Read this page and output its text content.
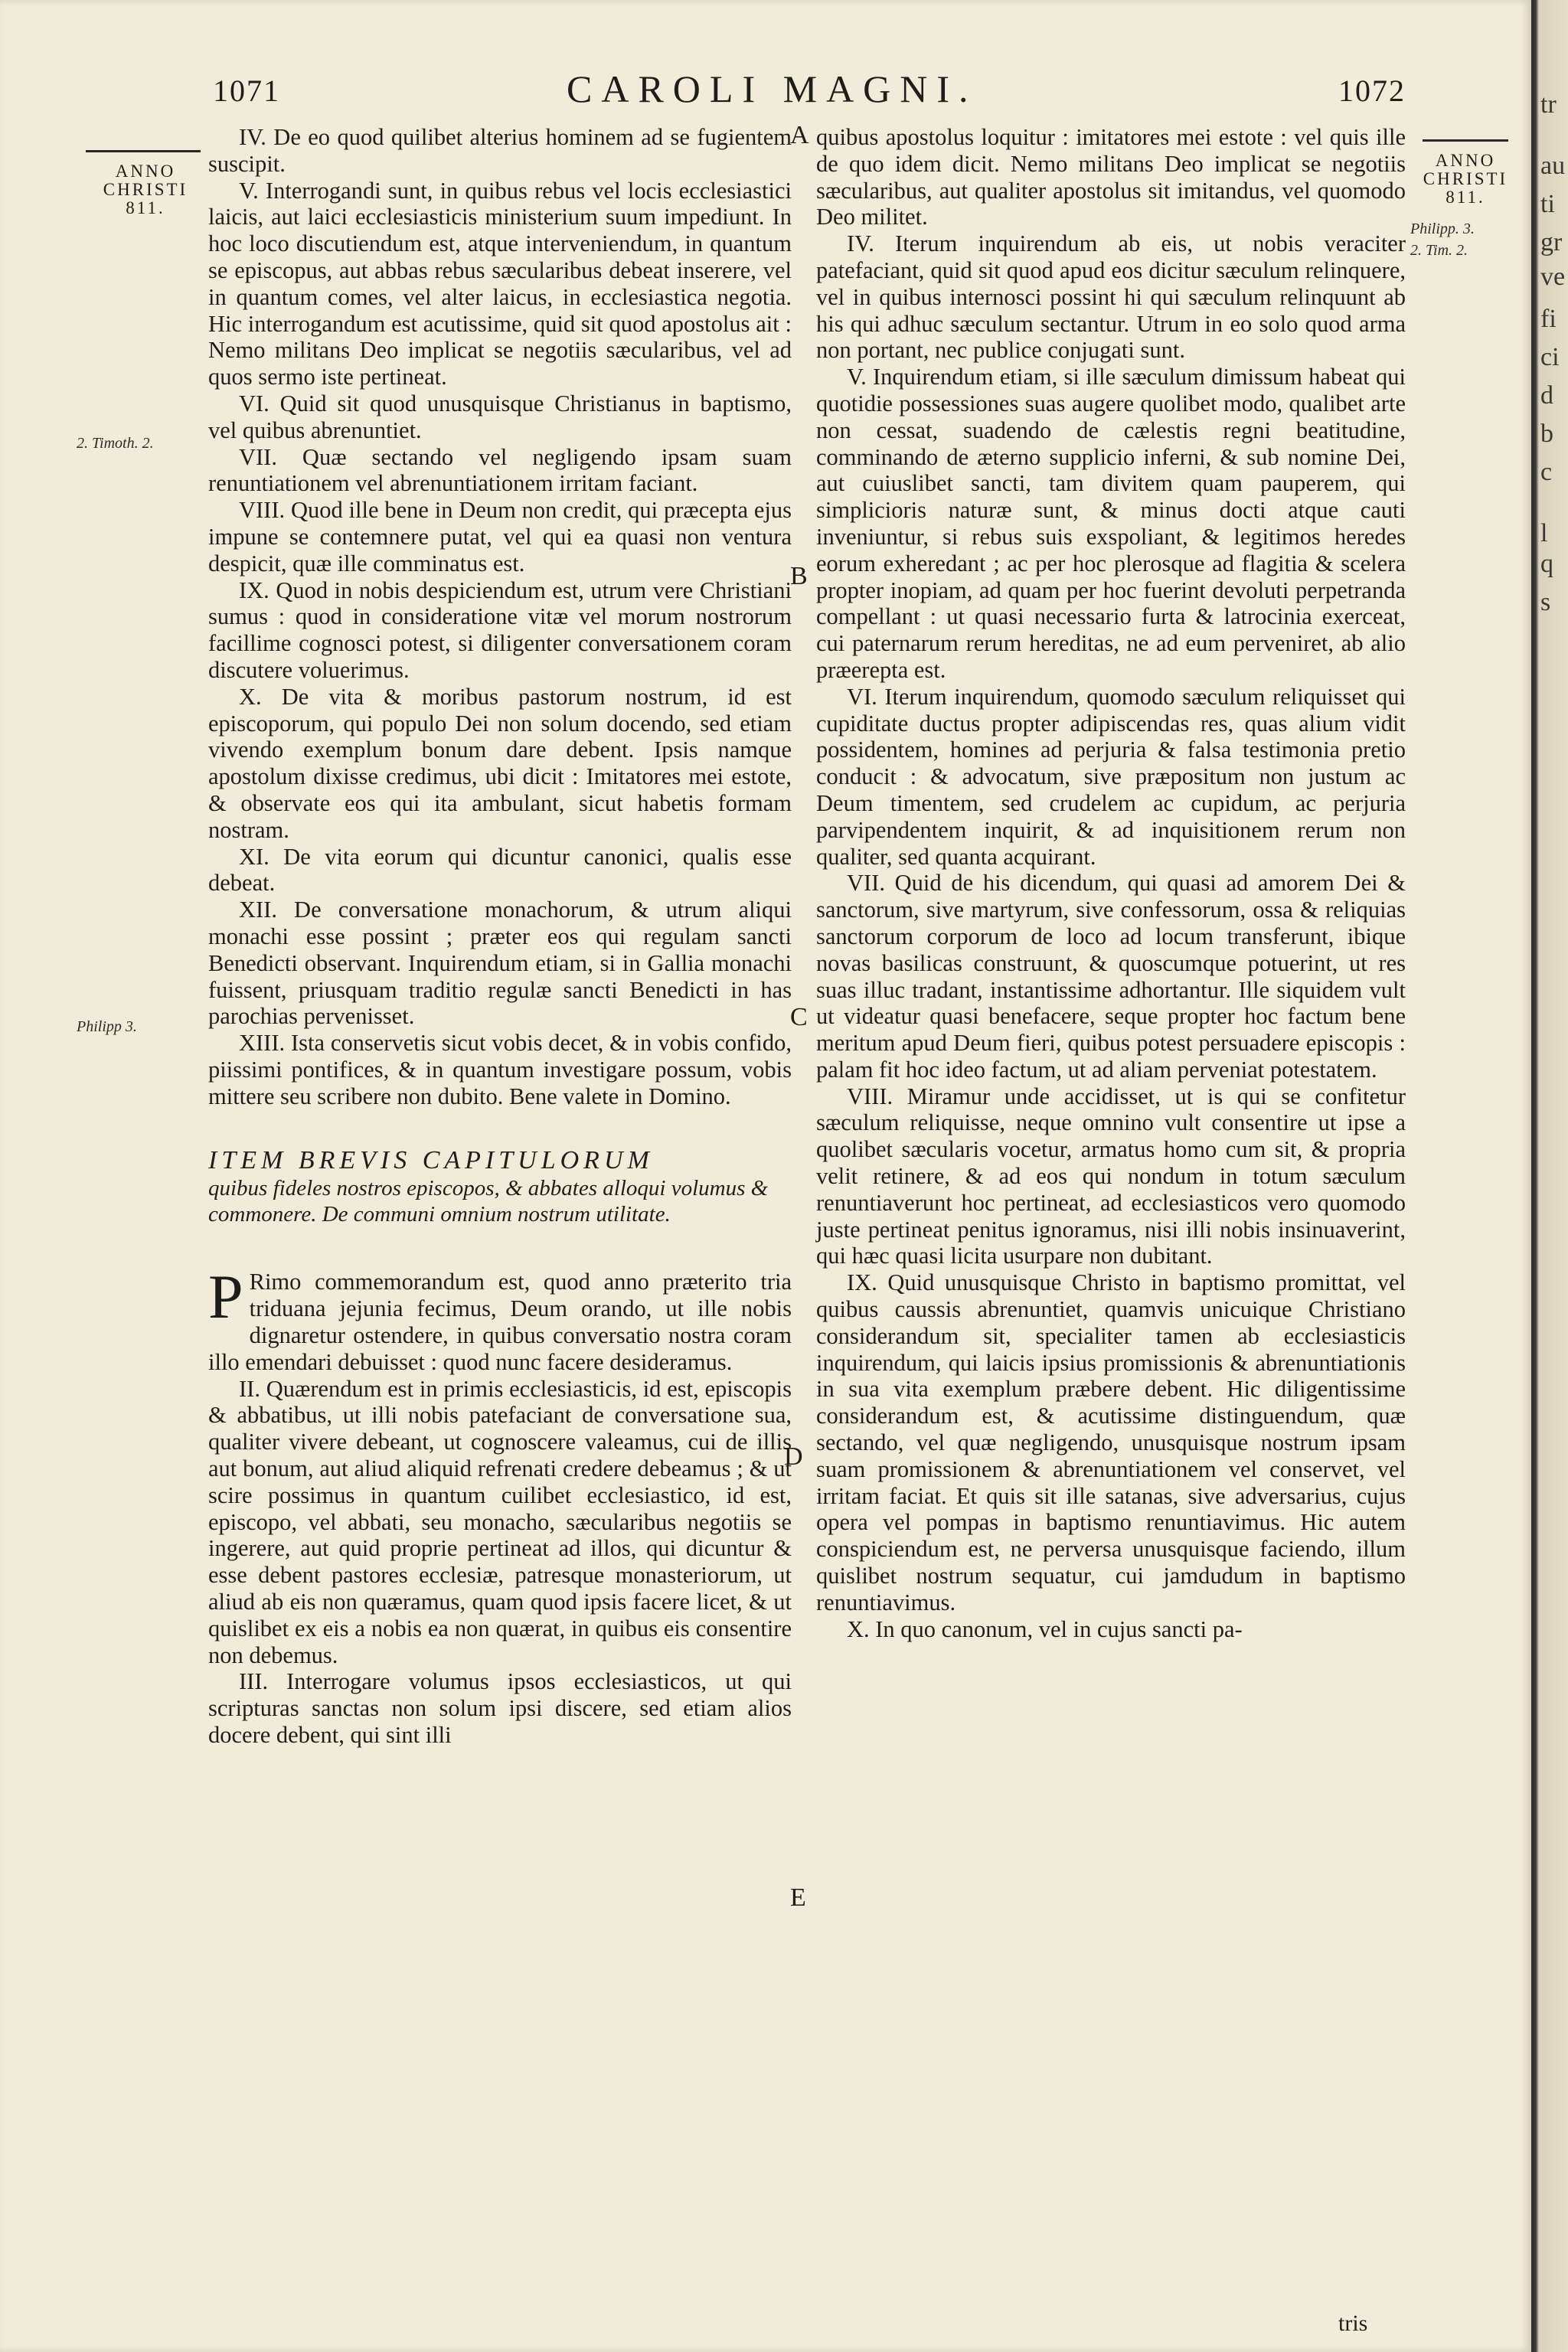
1071	CAROLI MAGNI.	1072
ANNO
CHRISTI
811.
ANNO
CHRISTI
811.
2. Timoth. 2.
Philipp 3.
Philipp. 3.
2. Tim. 2.
A
B
C
D
E

IV. De eo quod quilibet alterius hominem ad se fugientem suscipit.

V. Interrogandi sunt, in quibus rebus vel locis ecclesiastici laicis, aut laici ecclesiasticis ministerium suum impediunt. In hoc loco discutiendum est, atque interveniendum, in quantum se episcopus, aut abbas rebus sæcularibus debeat inserere, vel in quantum comes, vel alter laicus, in ecclesiastica negotia. Hic interrogandum est acutissime, quid sit quod apostolus ait : Nemo militans Deo implicat se negotiis sæcularibus, vel ad quos sermo iste pertineat.

VI. Quid sit quod unusquisque Christianus in baptismo, vel quibus abrenuntiet.

VII. Quæ sectando vel negligendo ipsam suam renuntiationem vel abrenuntiationem irritam faciant.

VIII. Quod ille bene in Deum non credit, qui præcepta ejus impune se contemnere putat, vel qui ea quasi non ventura despicit, quæ ille comminatus est.

IX. Quod in nobis despiciendum est, utrum vere Christiani sumus : quod in consideratione vitæ vel morum nostrorum facillime cognosci potest, si diligenter conversationem coram discutere voluerimus.

X. De vita & moribus pastorum nostrum, id est episcoporum, qui populo Dei non solum docendo, sed etiam vivendo exemplum bonum dare debent. Ipsis namque apostolum dixisse credimus, ubi dicit : Imitatores mei estote, & observate eos qui ita ambulant, sicut habetis formam nostram.

XI. De vita eorum qui dicuntur canonici, qualis esse debeat.

XII. De conversatione monachorum, & utrum aliqui monachi esse possint ; præter eos qui regulam sancti Benedicti observant. Inquirendum etiam, si in Gallia monachi fuissent, priusquam traditio regulæ sancti Benedicti in has parochias pervenisset.

XIII. Ista conservetis sicut vobis decet, & in vobis confido, piissimi pontifices, & in quantum investigare possum, vobis mittere seu scribere non dubito. Bene valete in Domino.

ITEM BREVIS CAPITULORUM

quibus fideles nostros episcopos, & abbates alloqui volumus & commonere. De communi omnium nostrum utilitate.

P Rimo commemorandum est, quod anno præterito tria triduana jejunia fecimus, Deum orando, ut ille nobis dignaretur ostendere, in quibus conversatio nostra coram illo emendari debuisset : quod nunc facere desideramus.

II. Quærendum est in primis ecclesiasticis, id est, episcopis & abbatibus, ut illi nobis patefaciant de conversatione sua, qualiter vivere debeant, ut cognoscere valeamus, cui de illis aut bonum, aut aliud aliquid refrenati credere debeamus ; & ut scire possimus in quantum cuilibet ecclesiastico, id est, episcopo, vel abbati, seu monacho, sæcularibus negotiis se ingerere, aut quid proprie pertineat ad illos, qui dicuntur & esse debent pastores ecclesiæ, patresque monasteriorum, ut aliud ab eis non quæramus, quam quod ipsis facere licet, & ut quislibet ex eis a nobis ea non quærat, in quibus eis consentire non debemus.

III. Interrogare volumus ipsos ecclesiasticos, ut qui scripturas sanctas non solum ipsi discere, sed etiam alios docere debent, qui sint illi

quibus apostolus loquitur : imitatores mei estote : vel quis ille de quo idem dicit. Nemo militans Deo implicat se negotiis sæcularibus, aut qualiter apostolus sit imitandus, vel quomodo Deo militet.

IV. Iterum inquirendum ab eis, ut nobis veraciter patefaciant, quid sit quod apud eos dicitur sæculum relinquere, vel in quibus internosci possint hi qui sæculum relinquunt ab his qui adhuc sæculum sectantur. Utrum in eo solo quod arma non portant, nec publice conjugati sunt.

V. Inquirendum etiam, si ille sæculum dimissum habeat qui quotidie possessiones suas augere quolibet modo, qualibet arte non cessat, suadendo de cælestis regni beatitudine, comminando de æterno supplicio inferni, & sub nomine Dei, aut cuiuslibet sancti, tam divitem quam pauperem, qui simplicioris naturæ sunt, & minus docti atque cauti inveniuntur, si rebus suis exspoliant, & legitimos heredes eorum exheredant ; ac per hoc plerosque ad flagitia & scelera propter inopiam, ad quam per hoc fuerint devoluti perpetranda compellant : ut quasi necessario furta & latrocinia exerceat, cui paternarum rerum hereditas, ne ad eum perveniret, ab alio præerepta est.

VI. Iterum inquirendum, quomodo sæculum reliquisset qui cupiditate ductus propter adipiscendas res, quas alium vidit possidentem, homines ad perjuria & falsa testimonia pretio conducit : & advocatum, sive præpositum non justum ac Deum timentem, sed crudelem ac cupidum, ac perjuria parvipendentem inquirit, & ad inquisitionem rerum non qualiter, sed quanta acquirant.

VII. Quid de his dicendum, qui quasi ad amorem Dei & sanctorum, sive martyrum, sive confessorum, ossa & reliquias sanctorum corporum de loco ad locum transferunt, ibique novas basilicas construunt, & quoscumque potuerint, ut res suas illuc tradant, instantissime adhortantur. Ille siquidem vult ut videatur quasi benefacere, seque propter hoc factum bene meritum apud Deum fieri, quibus potest persuadere episcopis : palam fit hoc ideo factum, ut ad aliam perveniat potestatem.

VIII. Miramur unde accidisset, ut is qui se confitetur sæculum reliquisse, neque omnino vult consentire ut ipse a quolibet sæcularis vocetur, armatus homo cum sit, & propria velit retinere, & ad eos qui nondum in totum sæculum renuntiaverunt hoc pertineat, ad ecclesiasticos vero quomodo juste pertineat penitus ignoramus, nisi illi nobis insinuaverint, qui hæc quasi licita usurpare non dubitant.

IX. Quid unusquisque Christo in baptismo promittat, vel quibus caussis abrenuntiet, quamvis unicuique Christiano considerandum sit, specialiter tamen ab ecclesiasticis inquirendum, qui laicis ipsius promissionis & abrenuntiationis in sua vita exemplum præbere debent. Hic diligentissime considerandum est, & acutissime distinguendum, quæ sectando, vel quæ negligendo, unusquisque nostrum ipsam suam promissionem & abrenuntiationem vel conservet, vel irritam faciat. Et quis sit ille satanas, sive adversarius, cujus opera vel pompas in baptismo renuntiavimus. Hic autem conspiciendum est, ne perversa unusquisque faciendo, illum quislibet nostrum sequatur, cui jamdudum in baptismo renuntiavimus.

X. In quo canonum, vel in cujus sancti pa-

tris
tr
au
ti
gr
ve
fi
ci
d
b
c
l
q
s
